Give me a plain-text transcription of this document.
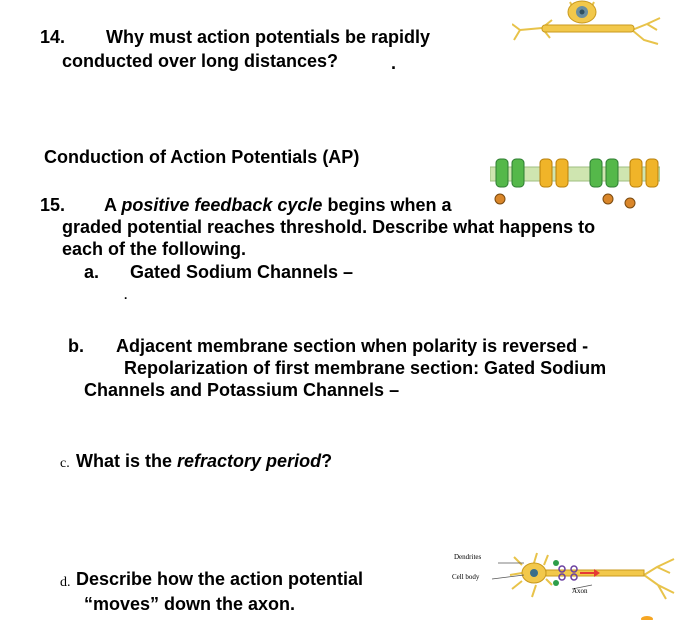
14. Why must action potentials be rapidly
conducted over long distances?	.
Conduction of Action Potentials (AP)
15. A positive feedback cycle begins when a
graded potential reaches threshold. Describe what happens to
each of the following.
a. Gated Sodium Channels –
.
b. Adjacent membrane section when polarity is reversed -
Repolarization of first membrane section: Gated Sodium
Channels and Potassium Channels –
c. What is the refractory period?
d. Describe how the action potential
“moves” down the axon.
Dendrites
Cell body
Axon
